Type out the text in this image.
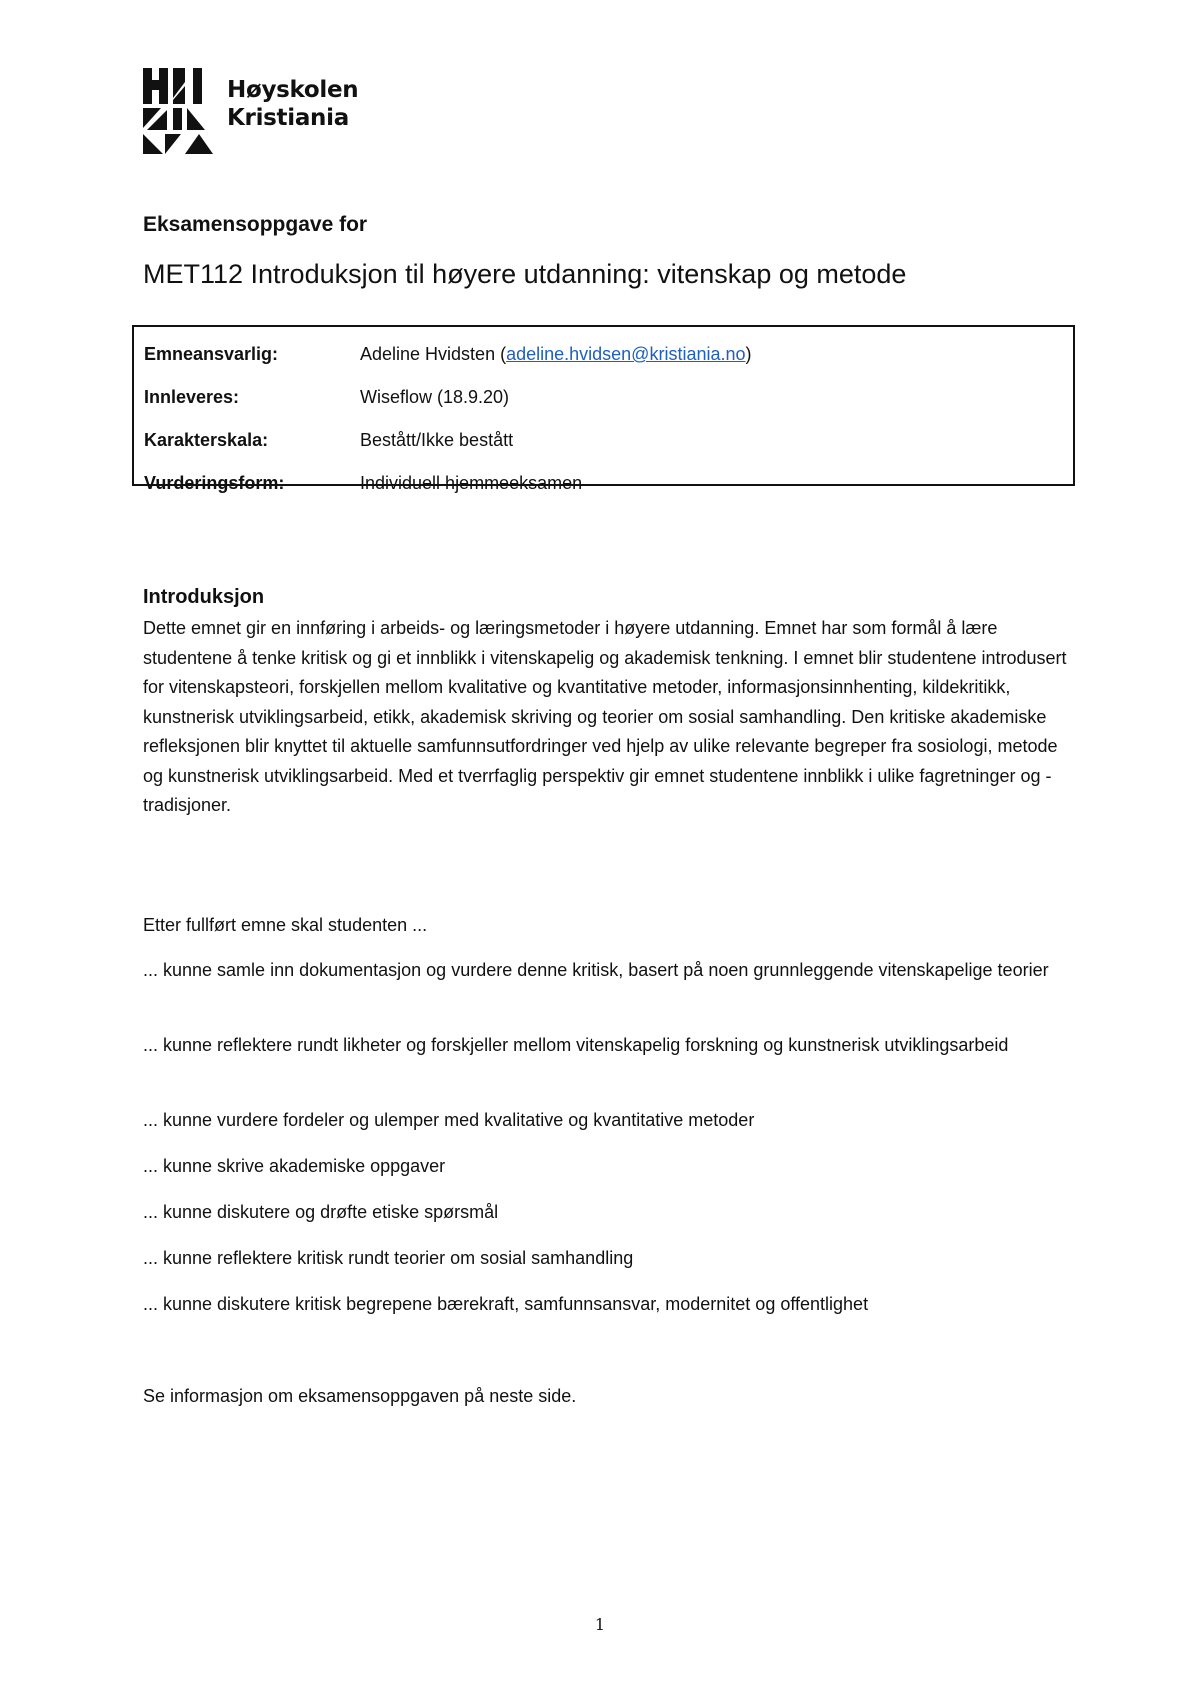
Høyskolen
Kristiania
Eksamensoppgave for
MET112 Introduksjon til høyere utdanning: vitenskap og metode
Emneansvarlig:	Adeline Hvidsten (adeline.hvidsen@kristiania.no)
Innleveres:	Wiseflow (18.9.20)
Karakterskala:	Bestått/Ikke bestått
Vurderingsform:	Individuell hjemmeeksamen
Introduksjon
Dette emnet gir en innføring i arbeids- og læringsmetoder i høyere utdanning. Emnet har som formål å lære studentene å tenke kritisk og gi et innblikk i vitenskapelig og akademisk tenkning. I emnet blir studentene introdusert for vitenskapsteori, forskjellen mellom kvalitative og kvantitative metoder, informasjonsinnhenting, kildekritikk, kunstnerisk utviklingsarbeid, etikk, akademisk skriving og teorier om sosial samhandling. Den kritiske akademiske refleksjonen blir knyttet til aktuelle samfunnsutfordringer ved hjelp av ulike relevante begreper fra sosiologi, metode og kunstnerisk utviklingsarbeid. Med et tverrfaglig perspektiv gir emnet studentene innblikk i ulike fagretninger og -tradisjoner.
Etter fullført emne skal studenten ...
... kunne samle inn dokumentasjon og vurdere denne kritisk, basert på noen grunnleggende vitenskapelige teorier
... kunne reflektere rundt likheter og forskjeller mellom vitenskapelig forskning og kunstnerisk utviklingsarbeid
... kunne vurdere fordeler og ulemper med kvalitative og kvantitative metoder
... kunne skrive akademiske oppgaver
... kunne diskutere og drøfte etiske spørsmål
... kunne reflektere kritisk rundt teorier om sosial samhandling
... kunne diskutere kritisk begrepene bærekraft, samfunnsansvar, modernitet og offentlighet
Se informasjon om eksamensoppgaven på neste side.
1
